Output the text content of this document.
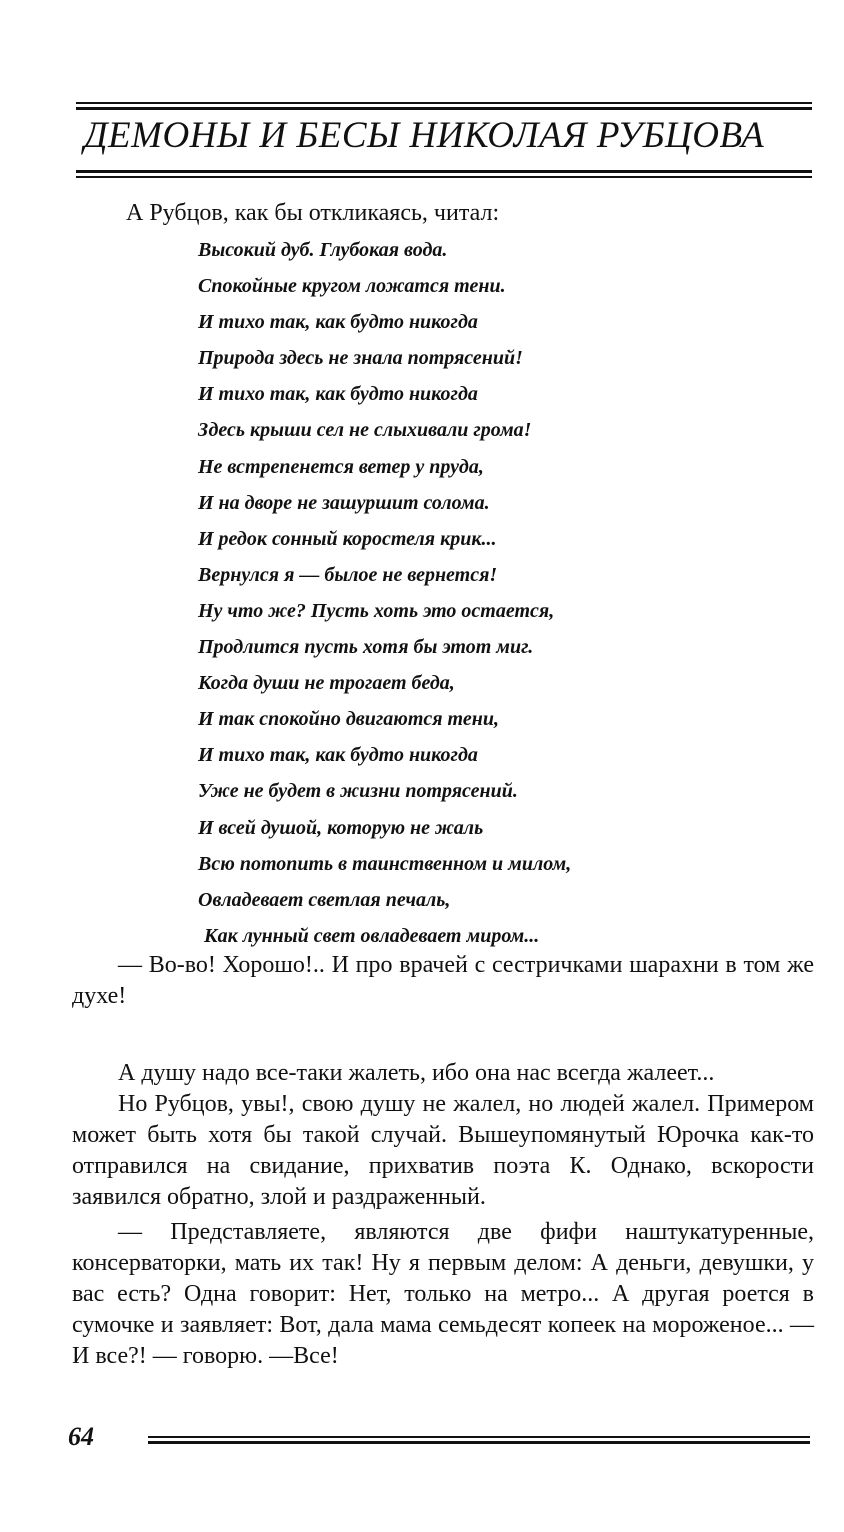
ДЕМОНЫ И БЕСЫ НИКОЛАЯ РУБЦОВА
А Рубцов, как бы откликаясь, читал:
Высокий дуб. Глубокая вода.
Спокойные кругом ложатся тени.
И тихо так, как будто никогда
Природа здесь не знала потрясений!
И тихо так, как будто никогда
Здесь крыши сел не слыхивали грома!
Не встрепенется ветер у пруда,
И на дворе не зашуршит солома.
И редок сонный коростеля крик...
Вернулся я — былое не вернется!
Ну что же? Пусть хоть это остается,
Продлится пусть хотя бы этот миг.
Когда души не трогает беда,
И так спокойно двигаются тени,
И тихо так, как будто никогда
Уже не будет в жизни потрясений.
И всей душой, которую не жаль
Всю потопить в таинственном и милом,
Овладевает светлая печаль,
Как лунный свет овладевает миром...

— Во-во! Хорошо!.. И про врачей с сестричками шарахни в том же духе!

А душу надо все-таки жалеть, ибо она нас всегда жалеет...

Но Рубцов, увы!, свою душу не жалел, но людей жалел. Примером может быть хотя бы такой случай. Вышеупомянутый Юрочка как-то отправился на свидание, прихватив поэта К. Однако, вскорости заявился обратно, злой и раздраженный.

— Представляете, являются две фифи наштукатуренные, консерваторки, мать их так! Ну я первым делом: А деньги, девушки, у вас есть? Одна говорит: Нет, только на метро... А другая роется в сумочке и заявляет: Вот, дала мама семьдесят копеек на мороженое... — И все?! — говорю. —Все!

64
